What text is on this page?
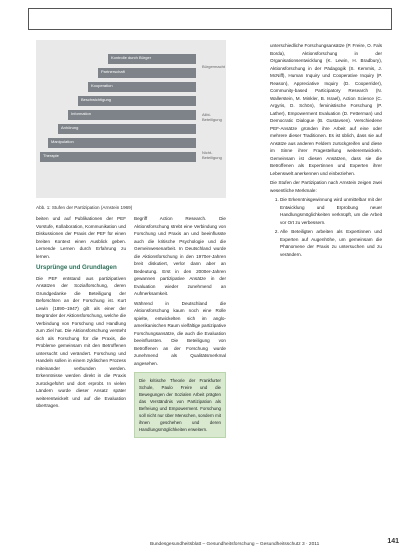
Kontrolle durch Bürger
Partnerschaft
Kooperation
Beschwichtigung
Information
Anhörung
Manipulation
Therapie
Bürgermacht
Alibi-Beteiligung
Nicht-Beteiligung
Abb. 1: Stufen der Partizipation (Arnstein 1969)

beiten und auf Publikationen der PEF Vorstufe, Kollaboration, Kommunikation und Diskussionen der Praxis der PEF für einen breiten Kontext einen Ausblick geben. Lernende Lernen durch Erfahrung zu lernen.

Ursprünge und Grundlagen

Die PEF entstand aus partizipativen Ansätzen der Sozialforschung, deren Grundgedanke die Beteiligung der Beforschten an der Forschung ist. Kurt Lewin (1890–1947) gilt als einer der Begründer der Aktionsforschung, welche die Verbindung von Forschung und Handlung zum Ziel hat. Die Aktionsforschung versteht sich als Forschung für die Praxis, die Probleme gemeinsam mit den Betroffenen untersucht und verändert. Forschung und Handeln sollen in einem zyklischen Prozess miteinander verbunden werden. Erkenntnisse werden direkt in die Praxis zurückgeführt und dort erprobt. In vielen Ländern wurde dieser Ansatz später weiterentwickelt und auf die Evaluation übertragen.

Begriff Action Research. Die Aktionsforschung strebt eine Verbindung von Forschung und Praxis an und beeinflusste auch die kritische Psychologie und die Gemeinwesenarbeit. In Deutschland wurde die Aktionsforschung in den 1970er-Jahren breit diskutiert, verlor dann aber an Bedeutung. Erst in den 2000er-Jahren gewannen partizipative Ansätze in der Evaluation wieder zunehmend an Aufmerksamkeit.

Während in Deutschland die Aktionsforschung kaum noch eine Rolle spielte, entwickelten sich im anglo-amerikanischen Raum vielfältige partizipative Forschungsansätze, die auch die Evaluation beeinflussten. Die Beteiligung von Betroffenen an der Forschung wurde zunehmend als Qualitätsmerkmal angesehen.

Die kritische Theorie der Frankfurter Schule, Paulo Freire und die Bewegungen der Sozialen Arbeit prägten das Verständnis von Partizipation als Befreiung und Empowerment. Forschung soll nicht nur über Menschen, sondern mit ihnen geschehen und deren Handlungsmöglichkeiten erweitern.

unterschiedliche Forschungsansätze (P. Freire, O. Fals Borda), Aktionsforschung in der Organisationsentwicklung (K. Lewin, H. Bradbury), Aktionsforschung in der Pädagogik (S. Kemmis, J. McNiff), Human Inquiry und Cooperative Inquiry (P. Reason), Appreciative Inquiry (D. Cooperrider), Community-based Participatory Research (N. Wallerstein, M. Minkler, B. Israel), Action Science (C. Argyris, D. Schön), feministische Forschung (P. Lather), Empowerment Evaluation (D. Fetterman) und Democratic Dialogue (B. Gustavsen). Verschiedene PEF-Ansätze gründen ihre Arbeit auf eine oder mehrere dieser Traditionen. Es ist üblich, dass sie auf Ansätze aus anderen Feldern zurückgreifen und diese im Sinne ihrer Fragestellung weiterentwickeln. Gemeinsam ist diesen Ansätzen, dass sie die Betroffenen als Expertinnen und Experten ihrer Lebenswelt anerkennen und einbeziehen.

Die Stufen der Partizipation nach Arnstein zeigen zwei wesentliche Merkmale:

1. Die Erkenntnisgewinnung wird unmittelbar mit der Entwicklung und Erprobung neuer Handlungsmöglichkeiten verknüpft, um die Arbeit vor Ort zu verbessern.
2. Alle Beteiligten arbeiten als Expertinnen und Experten auf Augenhöhe, um gemeinsam die Phänomene der Praxis zu untersuchen und zu verändern.
Bundesgesundheitsblatt – Gesundheitsforschung – Gesundheitsschutz 3 · 2011	141
